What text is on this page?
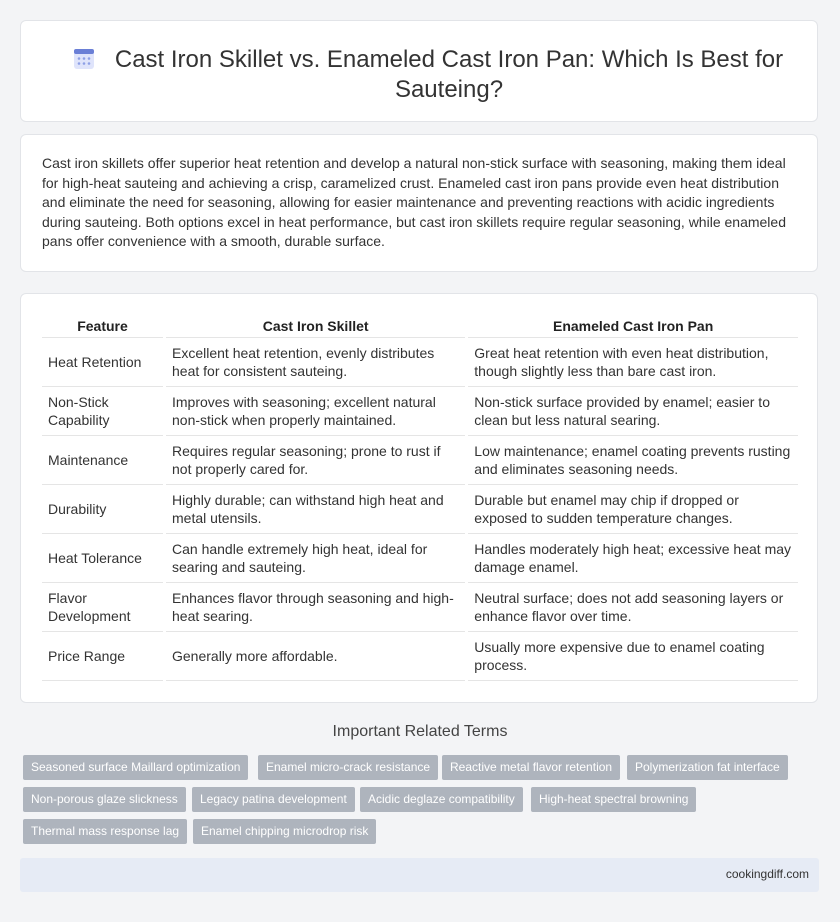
Cast Iron Skillet vs. Enameled Cast Iron Pan: Which Is Best for Sauteing?

Cast iron skillets offer superior heat retention and develop a natural non-stick surface with seasoning, making them ideal for high-heat sauteing and achieving a crisp, caramelized crust. Enameled cast iron pans provide even heat distribution and eliminate the need for seasoning, allowing for easier maintenance and preventing reactions with acidic ingredients during sauteing. Both options excel in heat performance, but cast iron skillets require regular seasoning, while enameled pans offer convenience with a smooth, durable surface.

Feature	Cast Iron Skillet	Enameled Cast Iron Pan
Heat Retention	Excellent heat retention, evenly distributes heat for consistent sauteing.	Great heat retention with even heat distribution, though slightly less than bare cast iron.
Non-Stick Capability	Improves with seasoning; excellent natural non-stick when properly maintained.	Non-stick surface provided by enamel; easier to clean but less natural searing.
Maintenance	Requires regular seasoning; prone to rust if not properly cared for.	Low maintenance; enamel coating prevents rusting and eliminates seasoning needs.
Durability	Highly durable; can withstand high heat and metal utensils.	Durable but enamel may chip if dropped or exposed to sudden temperature changes.
Heat Tolerance	Can handle extremely high heat, ideal for searing and sauteing.	Handles moderately high heat; excessive heat may damage enamel.
Flavor Development	Enhances flavor through seasoning and high-heat searing.	Neutral surface; does not add seasoning layers or enhance flavor over time.
Price Range	Generally more affordable.	Usually more expensive due to enamel coating process.
Important Related Terms
Seasoned surface Maillard optimization	Enamel micro-crack resistance	Reactive metal flavor retention	Polymerization fat interface
Non-porous glaze slickness	Legacy patina development	Acidic deglaze compatibility	High-heat spectral browning
Thermal mass response lag	Enamel chipping microdrop risk
cookingdiff.com
